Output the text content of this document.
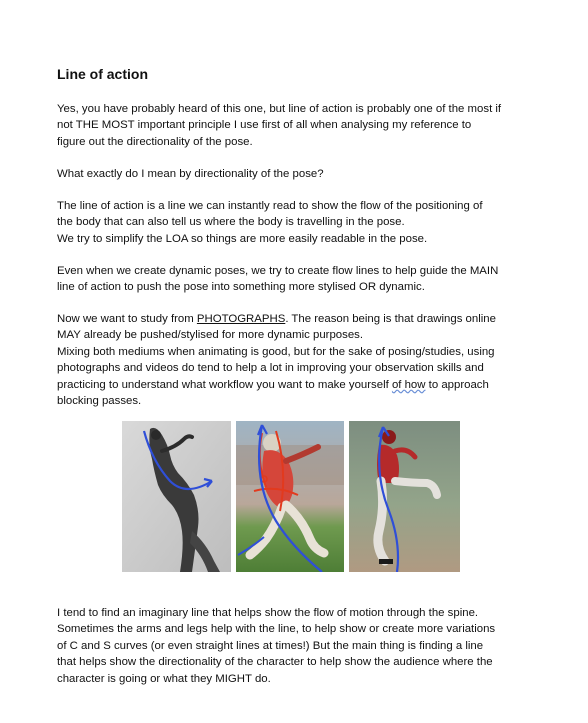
Line of action

Yes, you have probably heard of this one, but line of action is probably one of the most if
not THE MOST important principle I use first of all when analysing my reference to
figure out the directionality of the pose.

What exactly do I mean by directionality of the pose?

The line of action is a line we can instantly read to show the flow of the positioning of
the body that can also tell us where the body is travelling in the pose.
We try to simplify the LOA so things are more easily readable in the pose.

Even when we create dynamic poses, we try to create flow lines to help guide the MAIN
line of action to push the pose into something more stylised OR dynamic.

Now we want to study from PHOTOGRAPHS. The reason being is that drawings online
MAY already be pushed/stylised for more dynamic purposes.
Mixing both mediums when animating is good, but for the sake of posing/studies, using
photographs and videos do tend to help a lot in improving your observation skills and
practicing to understand what workflow you want to make yourself of how to approach
blocking passes.

I tend to find an imaginary line that helps show the flow of motion through the spine.
Sometimes the arms and legs help with the line, to help show or create more variations
of C and S curves (or even straight lines at times!) But the main thing is finding a line
that helps show the directionality of the character to help show the audience where the
character is going or what they MIGHT do.
